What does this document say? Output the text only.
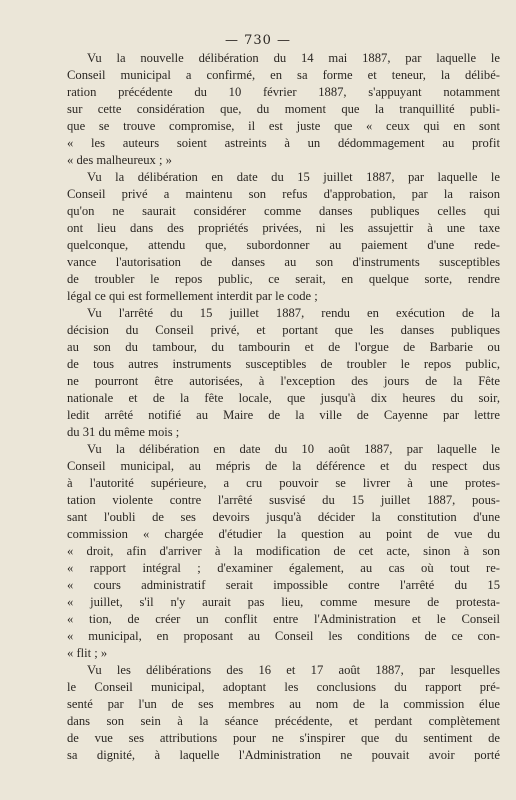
— 730 —
Vu la nouvelle délibération du 14 mai 1887, par laquelle le
Conseil municipal a confirmé, en sa forme et teneur, la délibé-
ration précédente du 10 février 1887, s'appuyant notamment
sur cette considération que, du moment que la tranquillité publi-
que se trouve compromise, il est juste que « ceux qui en sont
« les auteurs soient astreints à un dédommagement au profit
« des malheureux ; »
Vu la délibération en date du 15 juillet 1887, par laquelle le
Conseil privé a maintenu son refus d'approbation, par la raison
qu'on ne saurait considérer comme danses publiques celles qui
ont lieu dans des propriétés privées, ni les assujettir à une taxe
quelconque, attendu que, subordonner au paiement d'une rede-
vance l'autorisation de danses au son d'instruments susceptibles
de troubler le repos public, ce serait, en quelque sorte, rendre
légal ce qui est formellement interdit par le code ;
Vu l'arrêté du 15 juillet 1887, rendu en exécution de la
décision du Conseil privé, et portant que les danses publiques
au son du tambour, du tambourin et de l'orgue de Barbarie ou
de tous autres instruments susceptibles de troubler le repos public,
ne pourront être autorisées, à l'exception des jours de la Fête
nationale et de la fête locale, que jusqu'à dix heures du soir,
ledit arrêté notifié au Maire de la ville de Cayenne par lettre
du 31 du même mois ;
Vu la délibération en date du 10 août 1887, par laquelle le
Conseil municipal, au mépris de la déférence et du respect dus
à l'autorité supérieure, a cru pouvoir se livrer à une protes-
tation violente contre l'arrêté susvisé du 15 juillet 1887, pous-
sant l'oubli de ses devoirs jusqu'à décider la constitution d'une
commission « chargée d'étudier la question au point de vue du
« droit, afin d'arriver à la modification de cet acte, sinon à son
« rapport intégral ; d'examiner également, au cas où tout re-
« cours administratif serait impossible contre l'arrêté du 15
« juillet, s'il n'y aurait pas lieu, comme mesure de protesta-
« tion, de créer un conflit entre l'Administration et le Conseil
« municipal, en proposant au Conseil les conditions de ce con-
« flit ; »
Vu les délibérations des 16 et 17 août 1887, par lesquelles
le Conseil municipal, adoptant les conclusions du rapport pré-
senté par l'un de ses membres au nom de la commission élue
dans son sein à la séance précédente, et perdant complètement
de vue ses attributions pour ne s'inspirer que du sentiment de
sa dignité, à laquelle l'Administration ne pouvait avoir porté
